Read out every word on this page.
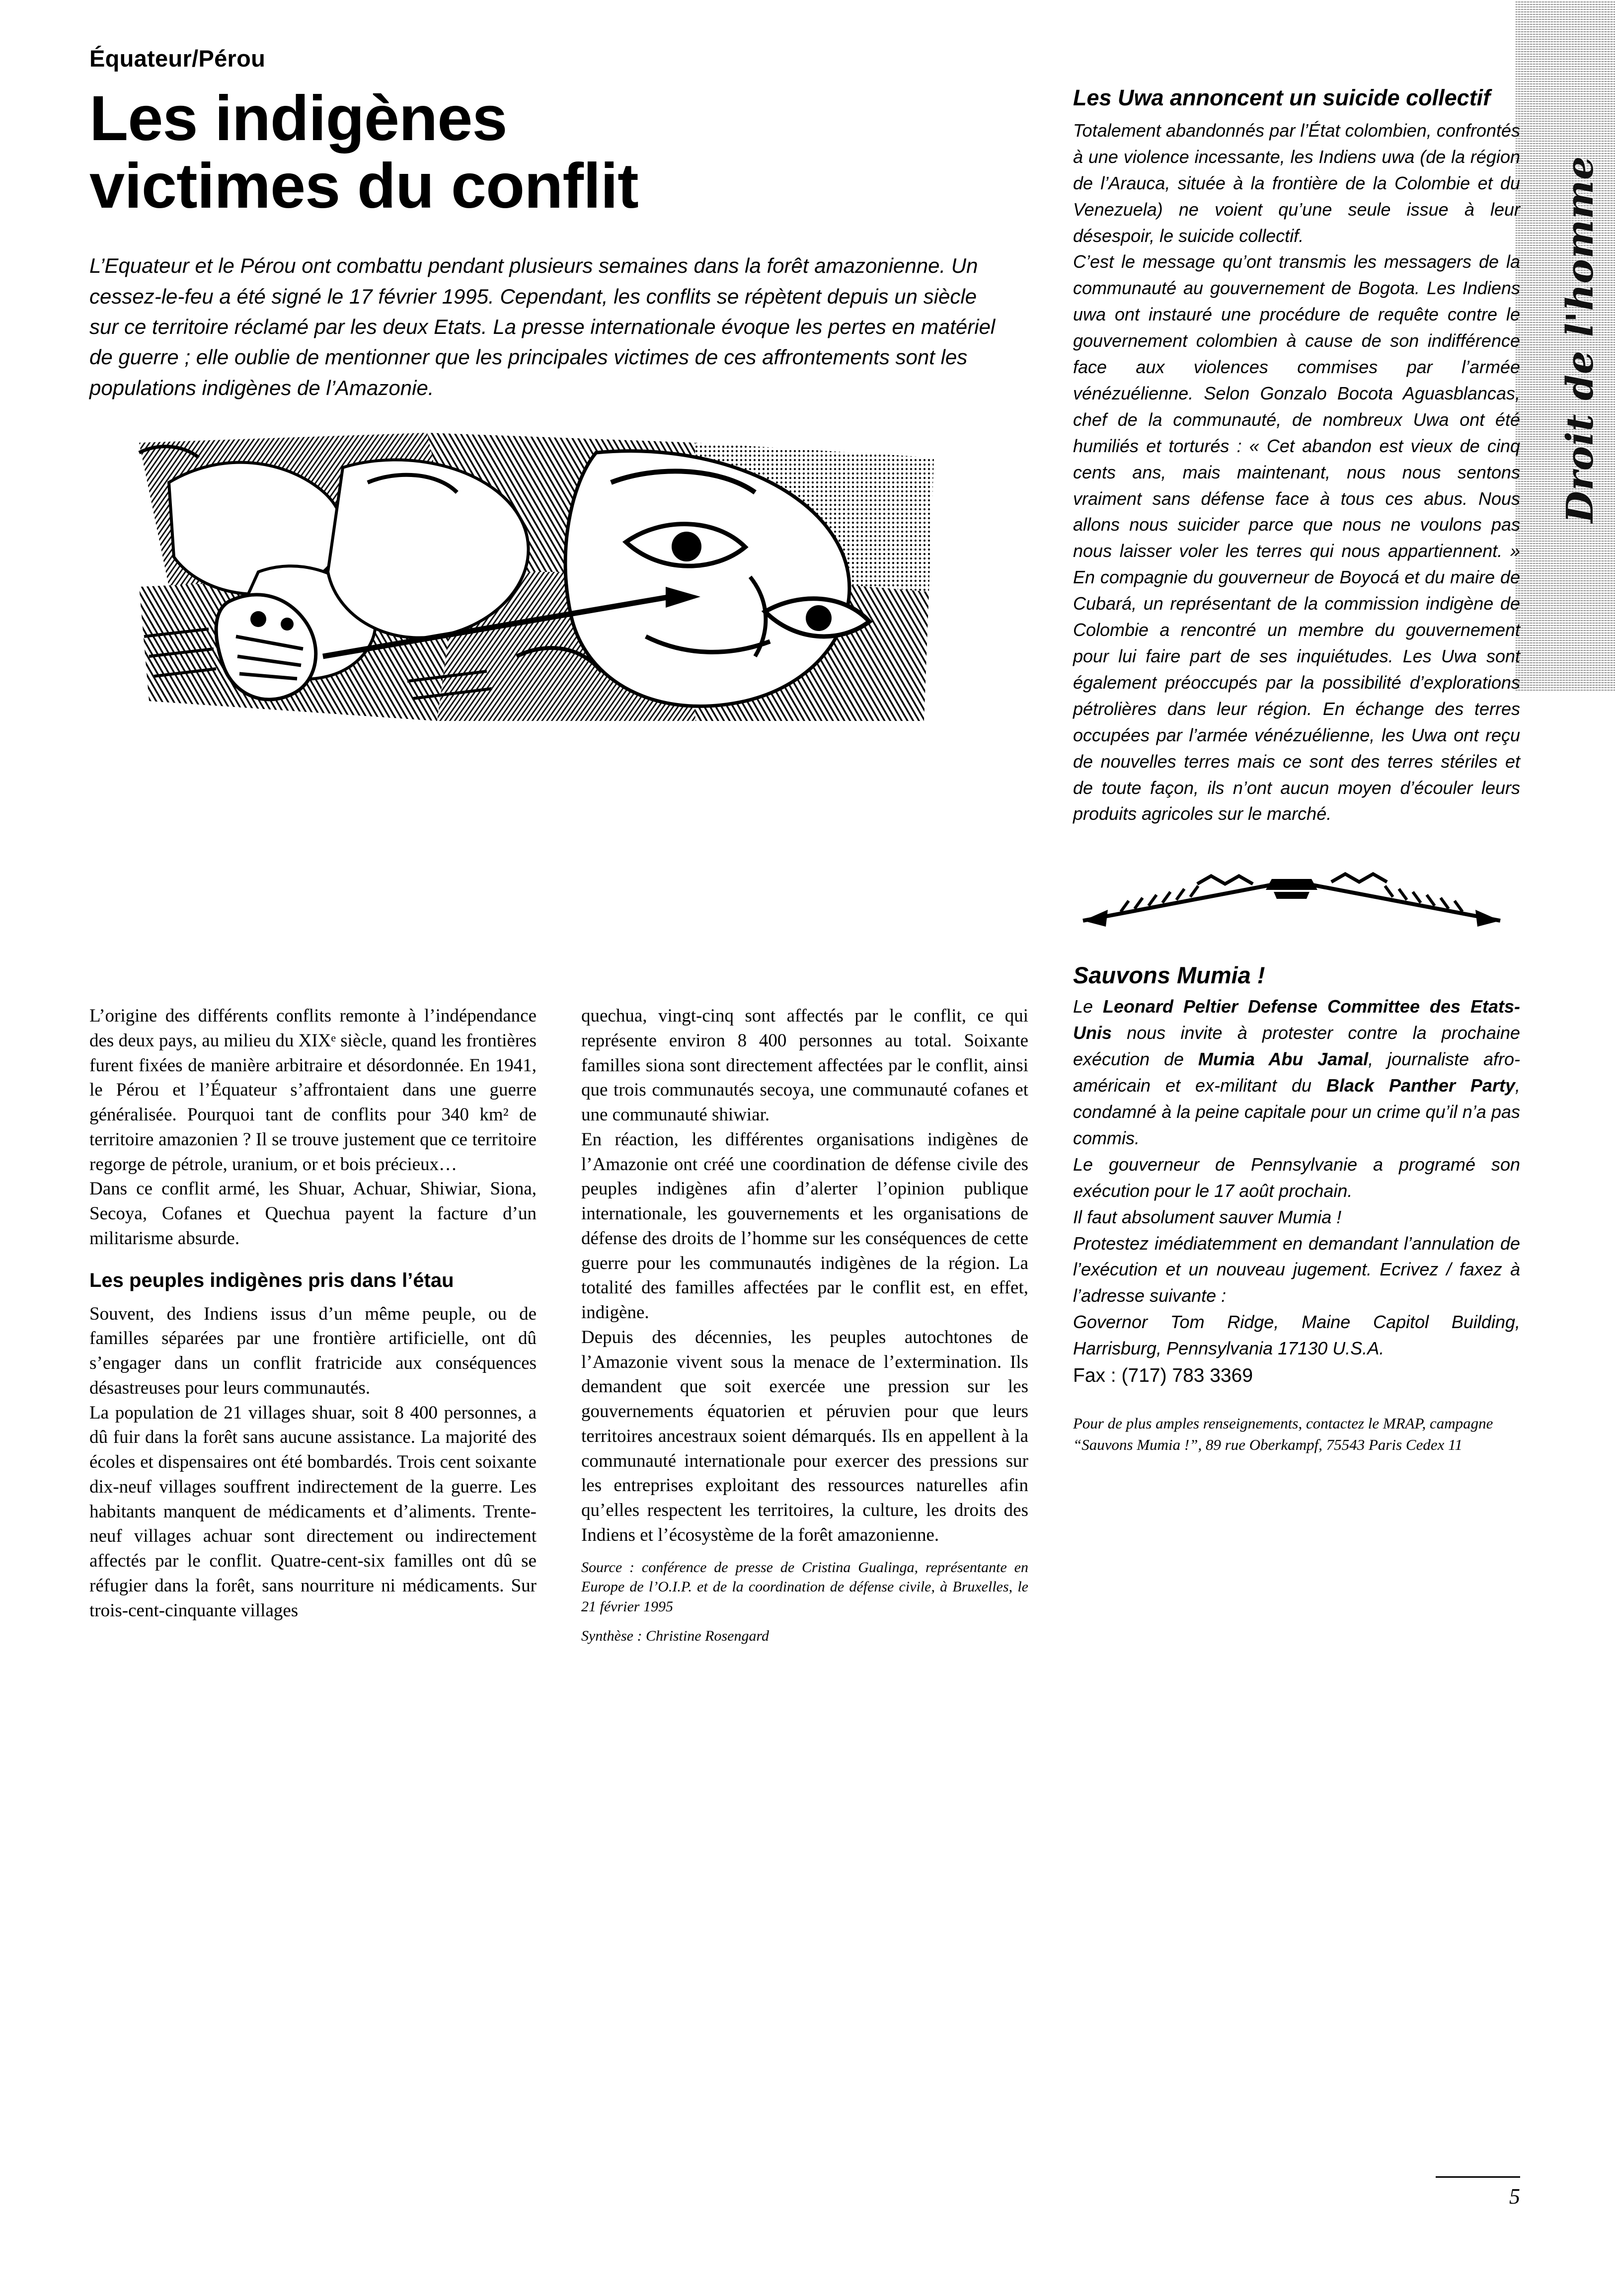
Droit de l'homme
Équateur/Pérou
Les indigènes
victimes du conflit
L’Equateur et le Pérou ont combattu pendant plusieurs semaines dans la forêt amazonienne. Un cessez-le-feu a été signé le 17 février 1995. Cependant, les conflits se répètent depuis un siècle sur ce territoire réclamé par les deux Etats. La presse internationale évoque les pertes en matériel de guerre ; elle oublie de mentionner que les principales victimes de ces affrontements sont les populations indigènes de l’Amazonie.

L’origine des différents conflits remonte à l’indépendance des deux pays, au milieu du XIXᵉ siècle, quand les frontières furent fixées de manière arbitraire et désordonnée. En 1941, le Pérou et l’Équateur s’affrontaient dans une guerre généralisée. Pourquoi tant de conflits pour 340 km² de territoire amazonien ? Il se trouve justement que ce territoire regorge de pétrole, uranium, or et bois précieux…

Dans ce conflit armé, les Shuar, Achuar, Shiwiar, Siona, Secoya, Cofanes et Quechua payent la facture d’un militarisme absurde.

Les peuples indigènes pris dans l’étau

Souvent, des Indiens issus d’un même peuple, ou de familles séparées par une frontière artificielle, ont dû s’engager dans un conflit fratricide aux conséquences désastreuses pour leurs communautés.

La population de 21 villages shuar, soit 8 400 personnes, a dû fuir dans la forêt sans aucune assistance. La majorité des écoles et dispensaires ont été bombardés. Trois cent soixante dix-neuf villages souffrent indirectement de la guerre. Les habitants manquent de médicaments et d’aliments. Trente-neuf villages achuar sont directement ou indirectement affectés par le conflit. Quatre-cent-six familles ont dû se réfugier dans la forêt, sans nourriture ni médicaments. Sur trois-cent-cinquante villages

quechua, vingt-cinq sont affectés par le conflit, ce qui représente environ 8 400 personnes au total. Soixante familles siona sont directement affectées par le conflit, ainsi que trois communautés secoya, une communauté cofanes et une communauté shiwiar.

En réaction, les différentes organisations indigènes de l’Amazonie ont créé une coordination de défense civile des peuples indigènes afin d’alerter l’opinion publique internationale, les gouvernements et les organisations de défense des droits de l’homme sur les conséquences de cette guerre pour les communautés indigènes de la région. La totalité des familles affectées par le conflit est, en effet, indigène.

Depuis des décennies, les peuples autochtones de l’Amazonie vivent sous la menace de l’extermination. Ils demandent que soit exercée une pression sur les gouvernements équatorien et péruvien pour que leurs territoires ancestraux soient démarqués. Ils en appellent à la communauté internationale pour exercer des pressions sur les entreprises exploitant des ressources naturelles afin qu’elles respectent les territoires, la culture, les droits des Indiens et l’écosystème de la forêt amazonienne.

Source : conférence de presse de Cristina Gualinga, représentante en Europe de l’O.I.P. et de la coordination de défense civile, à Bruxelles, le 21 février 1995

Synthèse : Christine Rosengard

Les Uwa annoncent un suicide collectif

Totalement abandonnés par l’État colombien, confrontés à une violence incessante, les Indiens uwa (de la région de l’Arauca, située à la frontière de la Colombie et du Venezuela) ne voient qu’une seule issue à leur désespoir, le suicide collectif.

C’est le message qu’ont transmis les messagers de la communauté au gouvernement de Bogota. Les Indiens uwa ont instauré une procédure de requête contre le gouvernement colombien à cause de son indifférence face aux violences commises par l’armée vénézuélienne. Selon Gonzalo Bocota Aguasblancas, chef de la communauté, de nombreux Uwa ont été humiliés et torturés : « Cet abandon est vieux de cinq cents ans, mais maintenant, nous nous sentons vraiment sans défense face à tous ces abus. Nous allons nous suicider parce que nous ne voulons pas nous laisser voler les terres qui nous appartiennent. » En compagnie du gouverneur de Boyocá et du maire de Cubará, un représentant de la commission indigène de Colombie a rencontré un membre du gouvernement pour lui faire part de ses inquiétudes. Les Uwa sont également préoccupés par la possibilité d’explorations pétrolières dans leur région. En échange des terres occupées par l’armée vénézuélienne, les Uwa ont reçu de nouvelles terres mais ce sont des terres stériles et de toute façon, ils n’ont aucun moyen d’écouler leurs produits agricoles sur le marché.

Sauvons Mumia !

Le Leonard Peltier Defense Committee des Etats-Unis nous invite à protester contre la prochaine exécution de Mumia Abu Jamal, journaliste afro-américain et ex-militant du Black Panther Party, condamné à la peine capitale pour un crime qu’il n’a pas commis.

Le gouverneur de Pennsylvanie a programé son exécution pour le 17 août prochain.

Il faut absolument sauver Mumia !

Protestez imédiatemment en demandant l’annulation de l’exécution et un nouveau jugement. Ecrivez / faxez à l’adresse suivante :

Governor Tom Ridge, Maine Capitol Building, Harrisburg, Pennsylvania 17130 U.S.A.

Fax : (717) 783 3369

Pour de plus amples renseignements, contactez le MRAP, campagne “Sauvons Mumia !”, 89 rue Oberkampf, 75543 Paris Cedex 11

5
